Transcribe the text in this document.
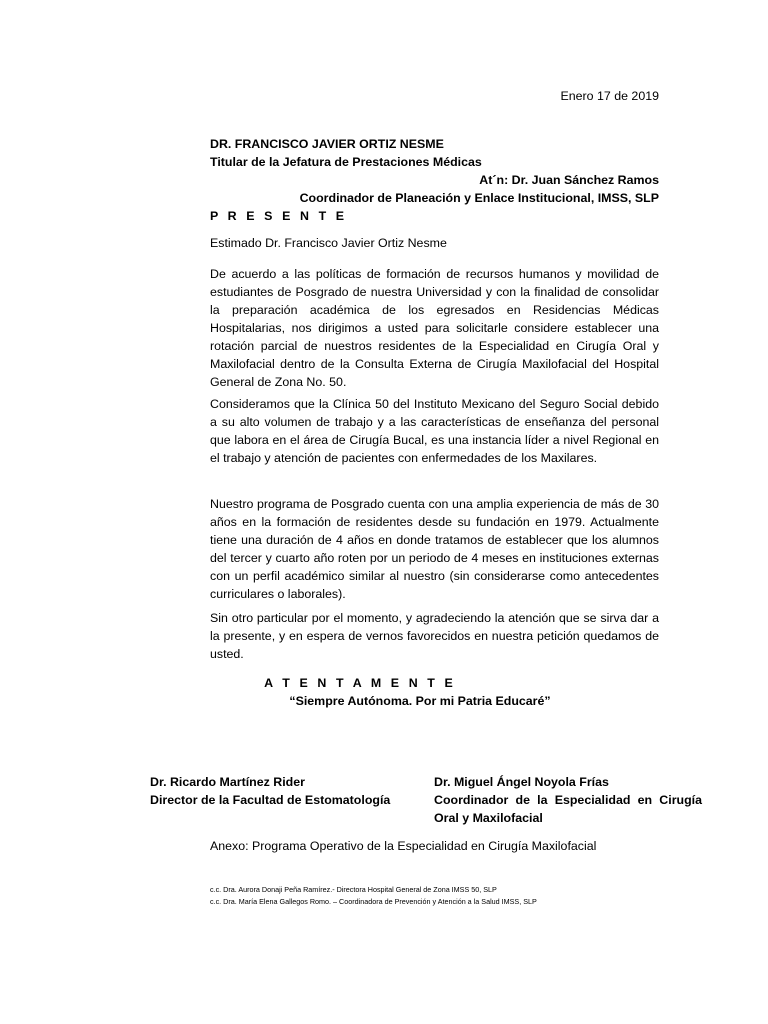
Enero 17 de 2019
DR. FRANCISCO JAVIER ORTIZ NESME
Titular de la Jefatura de Prestaciones Médicas
At´n: Dr. Juan Sánchez Ramos
Coordinador de Planeación y Enlace Institucional, IMSS, SLP
P R E S E N T E
Estimado Dr. Francisco Javier Ortiz Nesme
De acuerdo a las políticas de formación de recursos humanos y movilidad de estudiantes de Posgrado de nuestra Universidad y con la finalidad de consolidar la preparación académica de los egresados en Residencias Médicas Hospitalarias, nos dirigimos a usted para solicitarle considere establecer una rotación parcial de nuestros residentes de la Especialidad en Cirugía Oral y Maxilofacial dentro de la Consulta Externa de Cirugía Maxilofacial del Hospital General de Zona No. 50.
Consideramos que la Clínica 50 del Instituto Mexicano del Seguro Social debido a su alto volumen de trabajo y a las características de enseñanza del personal que labora en el área de Cirugía Bucal, es una instancia líder a nivel Regional en el trabajo y atención de pacientes con enfermedades de los Maxilares.
Nuestro programa de Posgrado cuenta con una amplia experiencia de más de 30 años en la formación de residentes desde su fundación en 1979. Actualmente tiene una duración de 4 años en donde tratamos de establecer que los alumnos del tercer y cuarto año roten por un periodo de 4 meses en instituciones externas con un perfil académico similar al nuestro (sin considerarse como antecedentes curriculares o laborales).
Sin otro particular por el momento, y agradeciendo la atención que se sirva dar a la presente, y en espera de vernos favorecidos en nuestra petición quedamos de usted.
A T E N T A M E N T E
“Siempre Autónoma. Por mi Patria Educaré”
Dr. Ricardo Martínez Rider
Director de la Facultad de Estomatología
Dr. Miguel Ángel Noyola Frías
Coordinador de la Especialidad en Cirugía Oral y Maxilofacial
Anexo: Programa Operativo de la Especialidad en Cirugía Maxilofacial
c.c. Dra. Aurora Donaji Peña Ramírez.- Directora Hospital General de Zona IMSS 50, SLP
c.c. Dra. María Elena Gallegos Romo. – Coordinadora de Prevención y Atención a la Salud IMSS, SLP
